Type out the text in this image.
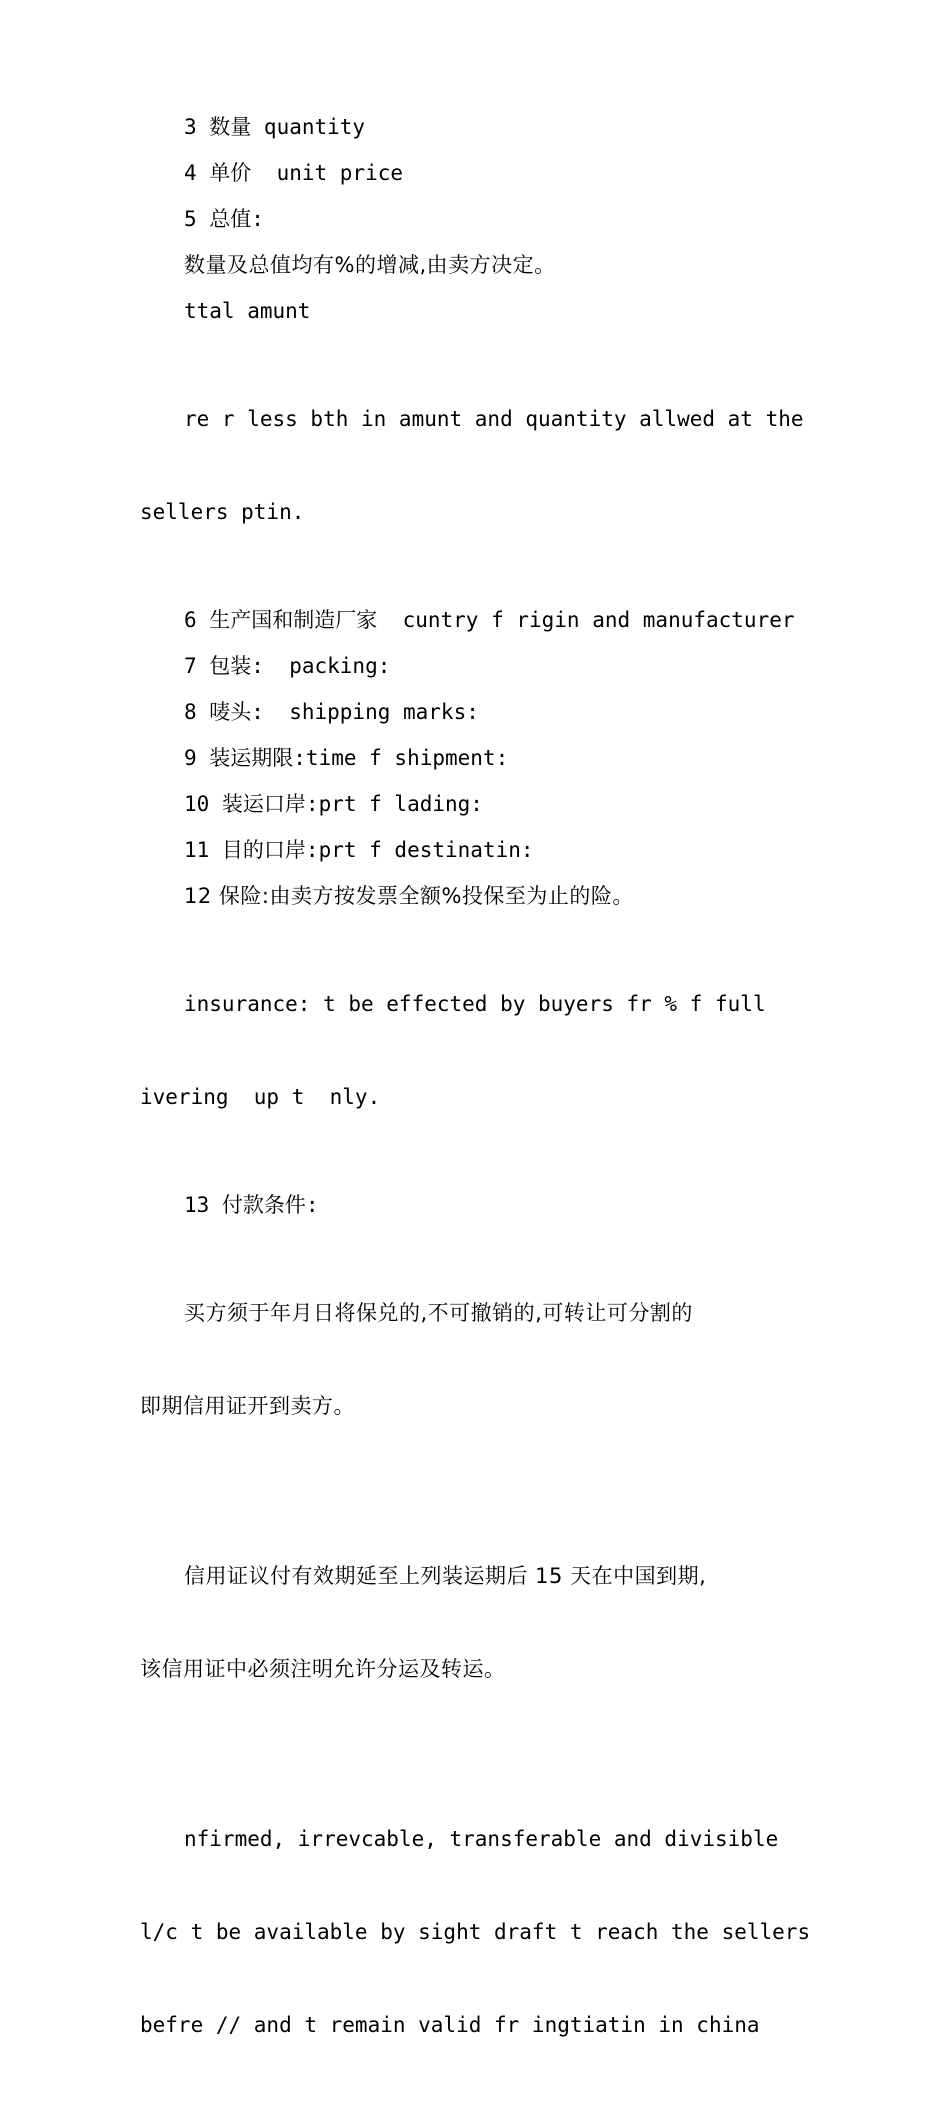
3 数量 quantity

4 单价  unit price

5 总值:

数量及总值均有%的增减,由卖方决定。

ttal amunt

re r less bth in amunt and quantity allwed at the

sellers ptin.

6 生产国和制造厂家  cuntry f rigin and manufacturer

7 包装:  packing:

8 唛头:  shipping marks:

9 装运期限:time f shipment:

10 装运口岸:prt f lading:

11 目的口岸:prt f destinatin:

12 保险:由卖方按发票全额%投保至为止的险。

insurance: t be effected by buyers fr % f full

ivering  up t  nly.

13 付款条件:

买方须于年月日将保兑的,不可撤销的,可转让可分割的

即期信用证开到卖方。

信用证议付有效期延至上列装运期后 15 天在中国到期,

该信用证中必须注明允许分运及转运。

nfirmed, irrevcable, transferable and divisible

l/c t be available by sight draft t reach the sellers

befre // and t remain valid fr ingtiatin in china
